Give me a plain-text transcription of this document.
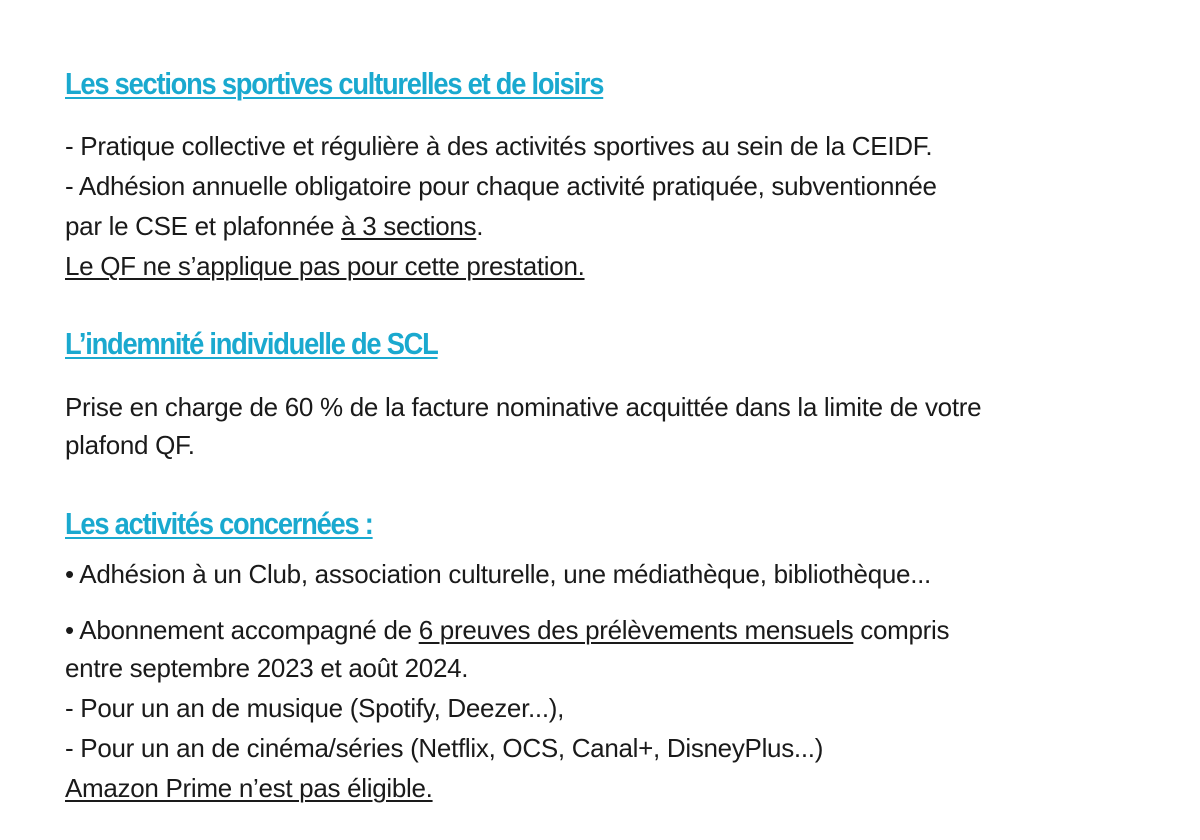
Les sections sportives culturelles et de loisirs

- Pratique collective et régulière à des activités sportives au sein de la CEIDF.

- Adhésion annuelle obligatoire pour chaque activité pratiquée, subventionnée

par le CSE et plafonnée à 3 sections.

Le QF ne s’applique pas pour cette prestation.

L’indemnité individuelle de SCL

Prise en charge de 60 % de la facture nominative acquittée dans la limite de votre

plafond QF.

Les activités concernées :

• Adhésion à un Club, association culturelle, une médiathèque, bibliothèque...

• Abonnement accompagné de 6 preuves des prélèvements mensuels compris

entre septembre 2023 et août 2024.

- Pour un an de musique (Spotify, Deezer...),

- Pour un an de cinéma/séries (Netflix, OCS, Canal+, DisneyPlus...)

Amazon Prime n’est pas éligible.
